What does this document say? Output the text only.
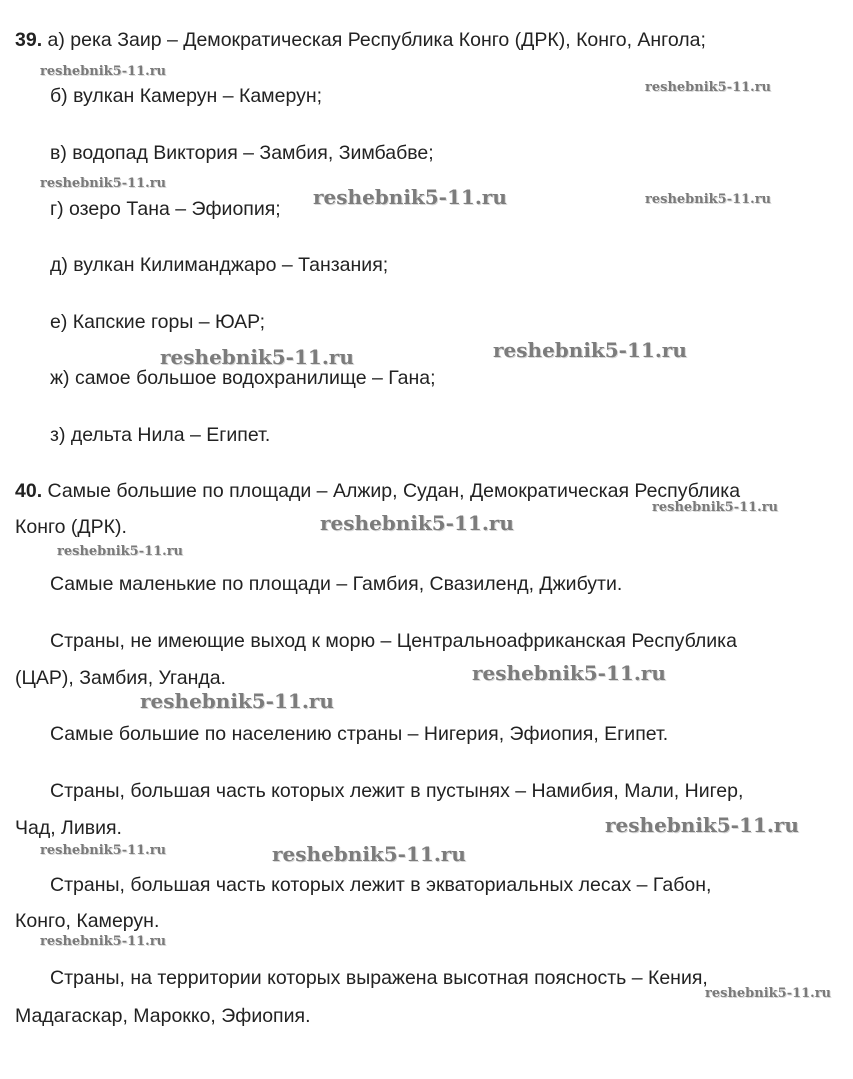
39. а) река Заир – Демократическая Республика Конго (ДРК), Конго, Ангола;
б) вулкан Камерун – Камерун;
в) водопад Виктория – Замбия, Зимбабве;
г) озеро Тана – Эфиопия;
д) вулкан Килиманджаро – Танзания;
е) Капские горы – ЮАР;
ж) самое большое водохранилище – Гана;
з) дельта Нила – Египет.
40. Самые большие по площади – Алжир, Судан, Демократическая Республика
Конго (ДРК).
Самые маленькие по площади – Гамбия, Свазиленд, Джибути.
Страны, не имеющие выход к морю – Центральноафриканская Республика
(ЦАР), Замбия, Уганда.
Самые большие по населению страны – Нигерия, Эфиопия, Египет.
Страны, большая часть которых лежит в пустынях – Намибия, Мали, Нигер,
Чад, Ливия.
Страны, большая часть которых лежит в экваториальных лесах – Габон,
Конго, Камерун.
Страны, на территории которых выражена высотная поясность – Кения,
Мадагаскар, Марокко, Эфиопия.
reshebnik5-11.ru
reshebnik5-11.ru
reshebnik5-11.ru
reshebnik5-11.ru	reshebnik5-11.ru
reshebnik5-11.ru	reshebnik5-11.ru
reshebnik5-11.ru
reshebnik5-11.ru
reshebnik5-11.ru
reshebnik5-11.ru
reshebnik5-11.ru
reshebnik5-11.ru
reshebnik5-11.ru	reshebnik5-11.ru
reshebnik5-11.ru
reshebnik5-11.ru
